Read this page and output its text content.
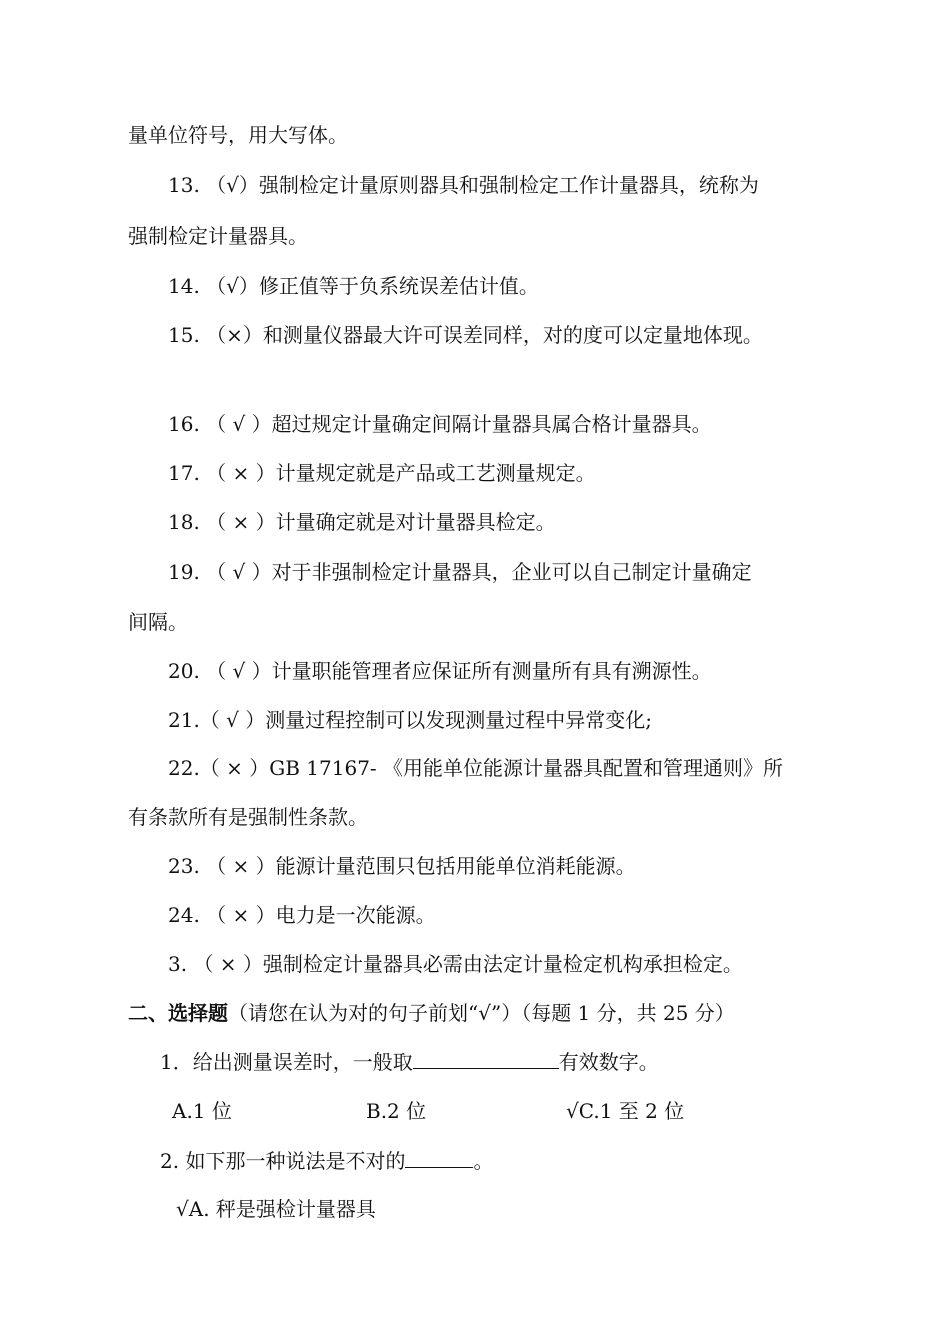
量单位符号，用大写体。
13. （√）强制检定计量原则器具和强制检定工作计量器具，统称为
强制检定计量器具。
14. （√）修正值等于负系统误差估计值。
15. （×）和测量仪器最大许可误差同样，对的度可以定量地体现。
16. （ √ ）超过规定计量确定间隔计量器具属合格计量器具。
17. （ × ）计量规定就是产品或工艺测量规定。
18. （ × ）计量确定就是对计量器具检定。
19. （ √ ）对于非强制检定计量器具，企业可以自己制定计量确定
间隔。
20. （ √ ）计量职能管理者应保证所有测量所有具有溯源性。
21.（ √ ）测量过程控制可以发现测量过程中异常变化;
22.（ × ）GB 17167- 《用能单位能源计量器具配置和管理通则》所
有条款所有是强制性条款。
23. （ × ）能源计量范围只包括用能单位消耗能源。
24. （ × ）电力是一次能源。
3. （ × ）强制检定计量器具必需由法定计量检定机构承担检定。
二、选择题（请您在认为对的句子前划“√”）（每题 1 分，共 25 分）
1．给出测量误差时，一般取	有效数字。
A.1 位	B.2 位	√C.1 至 2 位
2. 如下那一种说法是不对的	。
√A. 秤是强检计量器具
